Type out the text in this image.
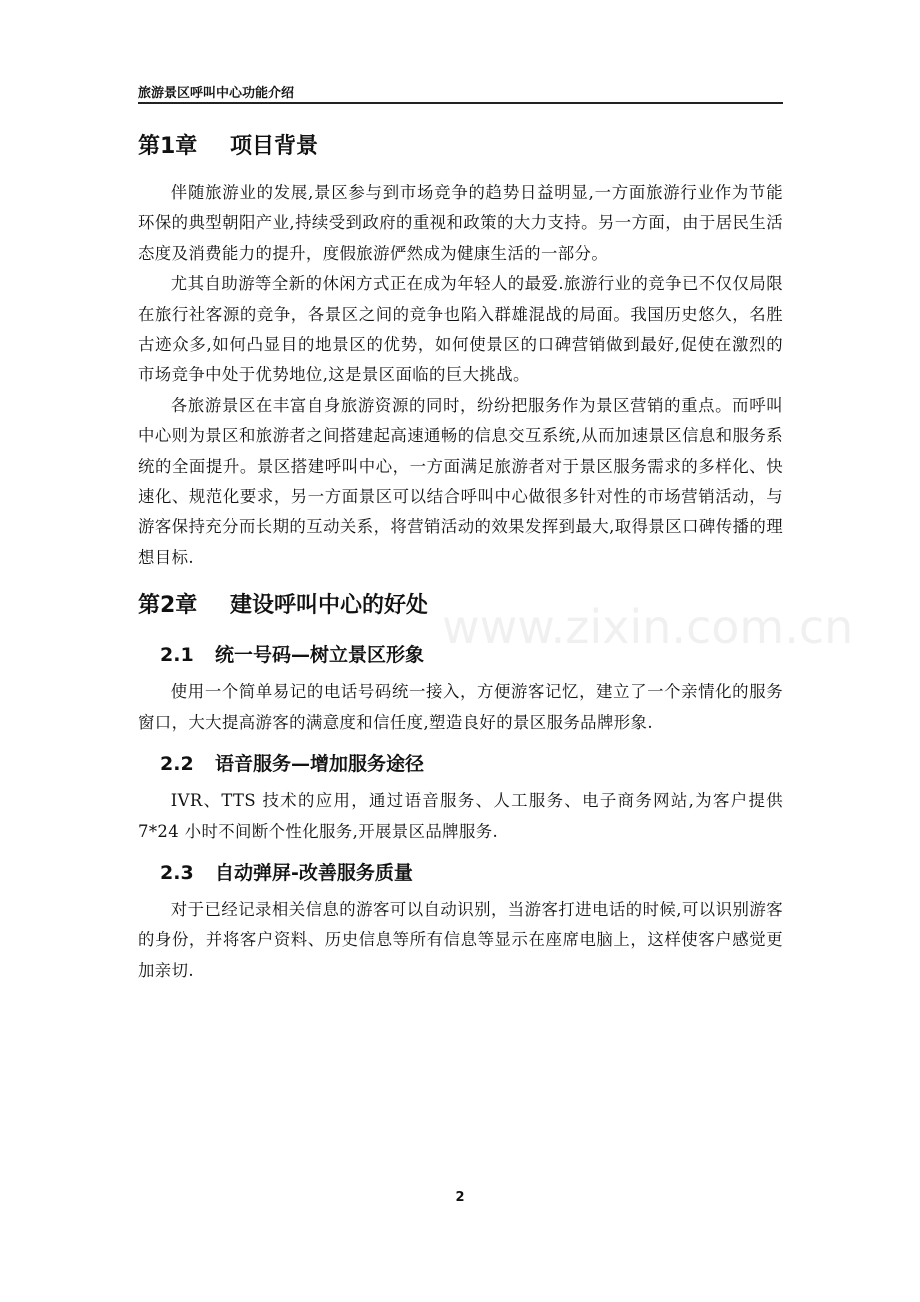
旅游景区呼叫中心功能介绍
第1章 项目背景

伴随旅游业的发展,景区参与到市场竞争的趋势日益明显,一方面旅游行业作为节能环保的典型朝阳产业,持续受到政府的重视和政策的大力支持。另一方面，由于居民生活态度及消费能力的提升，度假旅游俨然成为健康生活的一部分。

尤其自助游等全新的休闲方式正在成为年轻人的最爱.旅游行业的竞争已不仅仅局限在旅行社客源的竞争，各景区之间的竞争也陷入群雄混战的局面。我国历史悠久，名胜古迹众多,如何凸显目的地景区的优势，如何使景区的口碑营销做到最好,促使在激烈的市场竞争中处于优势地位,这是景区面临的巨大挑战。

各旅游景区在丰富自身旅游资源的同时，纷纷把服务作为景区营销的重点。而呼叫中心则为景区和旅游者之间搭建起高速通畅的信息交互系统,从而加速景区信息和服务系统的全面提升。景区搭建呼叫中心，一方面满足旅游者对于景区服务需求的多样化、快速化、规范化要求，另一方面景区可以结合呼叫中心做很多针对性的市场营销活动，与游客保持充分而长期的互动关系，将营销活动的效果发挥到最大,取得景区口碑传播的理想目标.

第2章 建设呼叫中心的好处
2.1 统一号码—树立景区形象

使用一个简单易记的电话号码统一接入，方便游客记忆，建立了一个亲情化的服务窗口，大大提高游客的满意度和信任度,塑造良好的景区服务品牌形象.

2.2 语音服务—增加服务途径

IVR、TTS 技术的应用，通过语音服务、人工服务、电子商务网站,为客户提供 7*24 小时不间断个性化服务,开展景区品牌服务.

2.3 自动弹屏-改善服务质量

对于已经记录相关信息的游客可以自动识别，当游客打进电话的时候,可以识别游客的身份，并将客户资料、历史信息等所有信息等显示在座席电脑上，这样使客户感觉更加亲切.

www.zixin.com.cn
2
